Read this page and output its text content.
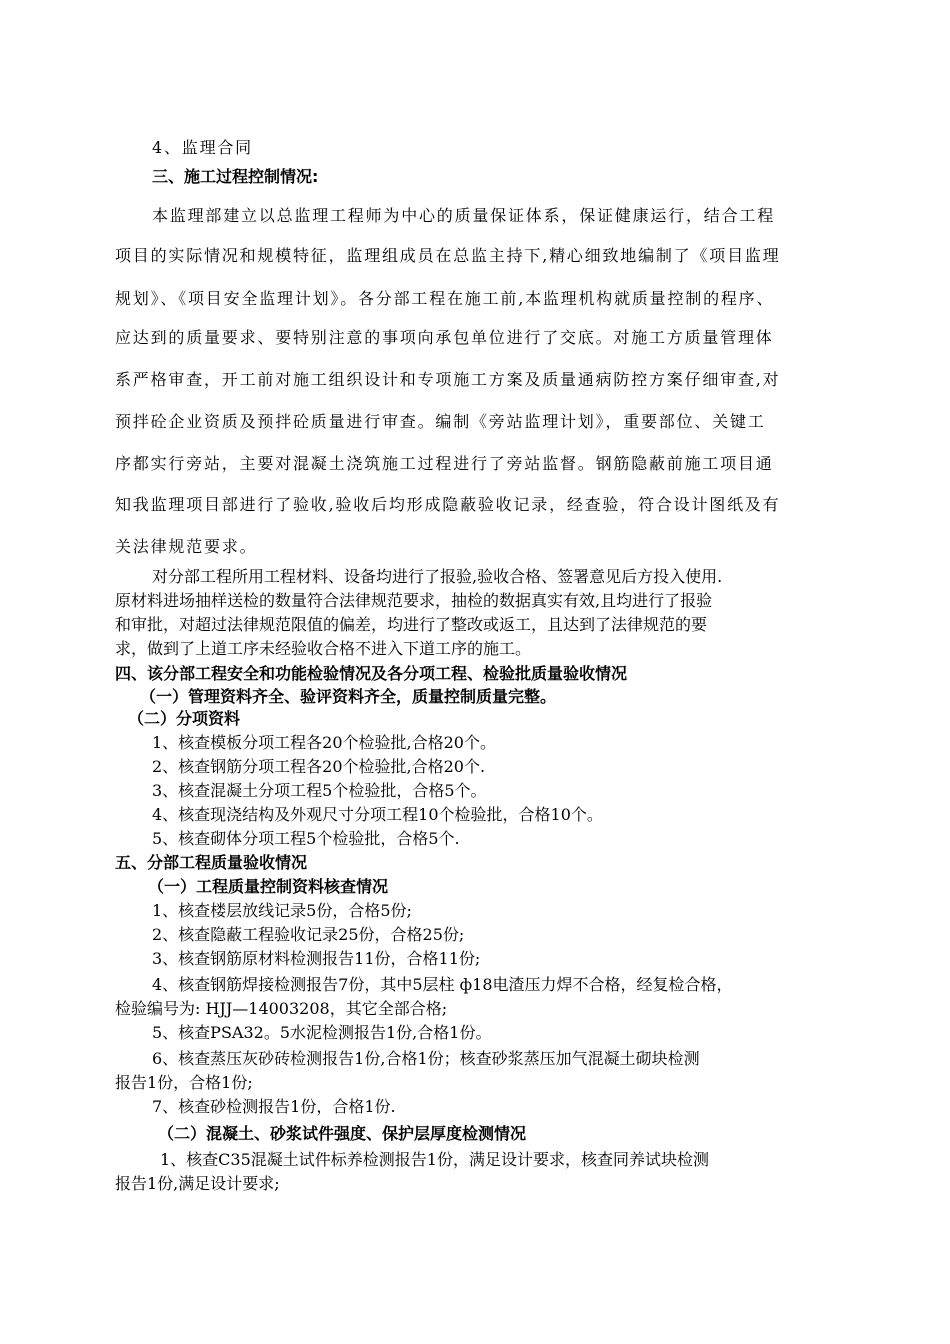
4、监理合同
三、施工过程控制情况:
本监理部建立以总监理工程师为中心的质量保证体系，保证健康运行，结合工程
项目的实际情况和规模特征，监理组成员在总监主持下,精心细致地编制了《项目监理
规划》、《项目安全监理计划》。各分部工程在施工前,本监理机构就质量控制的程序、
应达到的质量要求、要特别注意的事项向承包单位进行了交底。对施工方质量管理体
系严格审查，开工前对施工组织设计和专项施工方案及质量通病防控方案仔细审查,对
预拌砼企业资质及预拌砼质量进行审查。编制《旁站监理计划》，重要部位、关键工
序都实行旁站，主要对混凝土浇筑施工过程进行了旁站监督。钢筋隐蔽前施工项目通
知我监理项目部进行了验收,验收后均形成隐蔽验收记录，经查验，符合设计图纸及有
关法律规范要求。
对分部工程所用工程材料、设备均进行了报验,验收合格、签署意见后方投入使用.
原材料进场抽样送检的数量符合法律规范要求，抽检的数据真实有效,且均进行了报验
和审批，对超过法律规范限值的偏差，均进行了整改或返工，且达到了法律规范的要
求，做到了上道工序未经验收合格不进入下道工序的施工。
四、该分部工程安全和功能检验情况及各分项工程、检验批质量验收情况
（一）管理资料齐全、验评资料齐全，质量控制质量完整。
（二）分项资料
1、核查模板分项工程各20个检验批,合格20个。
2、核查钢筋分项工程各20个检验批,合格20个.
3、核查混凝土分项工程5个检验批，合格5个。
4、核查现浇结构及外观尺寸分项工程10个检验批，合格10个。
5、核查砌体分项工程5个检验批，合格5个.
五、分部工程质量验收情况
（一）工程质量控制资料核查情况
1、核查楼层放线记录5份，合格5份;
2、核查隐蔽工程验收记录25份，合格25份;
3、核查钢筋原材料检测报告11份，合格11份;
4、核查钢筋焊接检测报告7份，其中5层柱 ф18电渣压力焊不合格，经复检合格，
检验编号为: HJJ—14003208，其它全部合格;
5、核查PSA32。5水泥检测报告1份,合格1份。
6、核查蒸压灰砂砖检测报告1份,合格1份；核查砂浆蒸压加气混凝土砌块检测
报告1份，合格1份;
7、核查砂检测报告1份，合格1份.
（二）混凝土、砂浆试件强度、保护层厚度检测情况
1、核查C35混凝土试件标养检测报告1份，满足设计要求，核查同养试块检测
报告1份,满足设计要求;
